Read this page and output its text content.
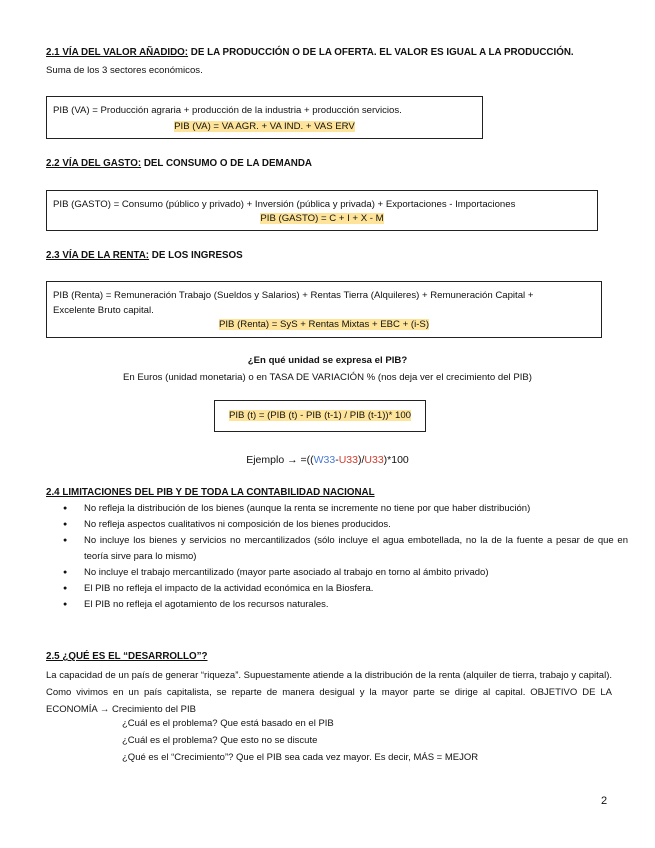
2.1 VÍA DEL VALOR AÑADIDO: DE LA PRODUCCIÓN O DE LA OFERTA. EL VALOR ES IGUAL A LA PRODUCCIÓN.
Suma de los 3 sectores económicos.
PIB (VA) = Producción agraria + producción de la industria + producción servicios.
PIB (VA) = VA AGR. + VA IND. + VAS ERV
2.2 VÍA DEL GASTO: DEL CONSUMO O DE LA DEMANDA
PIB (GASTO) = Consumo (público y privado) + Inversión (pública y privada) + Exportaciones - Importaciones
PIB (GASTO) = C + I + X - M
2.3 VÍA DE LA RENTA: DE LOS INGRESOS
PIB (Renta) = Remuneración Trabajo (Sueldos y Salarios) + Rentas Tierra (Alquileres) + Remuneración Capital +
Excelente Bruto capital.
PIB (Renta) = SyS + Rentas Mixtas + EBC + (i-S)
¿En qué unidad se expresa el PIB?
En Euros (unidad monetaria) o en TASA DE VARIACIÓN % (nos deja ver el crecimiento del PIB)
PIB (t) = (PIB (t) - PIB (t-1) / PIB (t-1))* 100
Ejemplo → =((W33-U33)/U33)*100
2.4 LIMITACIONES DEL PIB Y DE TODA LA CONTABILIDAD NACIONAL
● No refleja la distribución de los bienes (aunque la renta se incremente no tiene por que haber distribución)
● No refleja aspectos cualitativos ni composición de los bienes producidos.
● No incluye los bienes y servicios no mercantilizados (sólo incluye el agua embotellada, no la de la fuente a pesar de que en teoría sirve para lo mismo)
● No incluye el trabajo mercantilizado (mayor parte asociado al trabajo en torno al ámbito privado)
● El PIB no refleja el impacto de la actividad económica en la Biosfera.
● El PIB no refleja el agotamiento de los recursos naturales.
2.5 ¿QUÉ ES EL “DESARROLLO”?
La capacidad de un país de generar “riqueza”. Supuestamente atiende a la distribución de la renta (alquiler de tierra, trabajo y capital). Como vivimos en un país capitalista, se reparte de manera desigual y la mayor parte se dirige al capital. OBJETIVO DE LA ECONOMÍA → Crecimiento del PIB
¿Cuál es el problema? Que está basado en el PIB
¿Cuál es el problema? Que esto no se discute
¿Qué es el “Crecimiento”? Que el PIB sea cada vez mayor. Es decir, MÁS = MEJOR
2
